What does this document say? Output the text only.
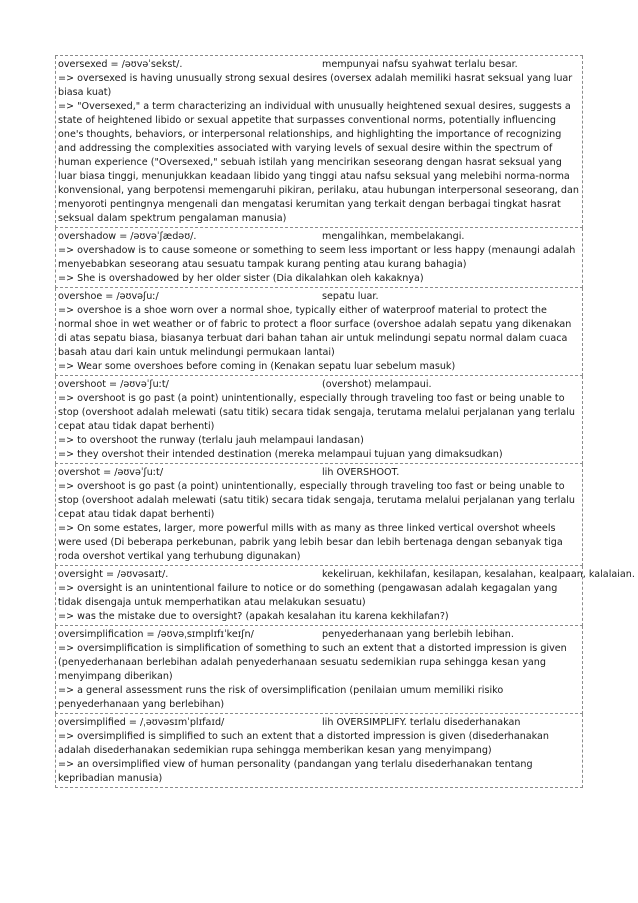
oversexed = /əʊvəˈsekst/.	mempunyai nafsu syahwat terlalu besar.

=> oversexed is having unusually strong sexual desires (oversex adalah memiliki hasrat seksual yang luar biasa kuat)

=> "Oversexed," a term characterizing an individual with unusually heightened sexual desires, suggests a state of heightened libido or sexual appetite that surpasses conventional norms, potentially influencing one's thoughts, behaviors, or interpersonal relationships, and highlighting the importance of recognizing and addressing the complexities associated with varying levels of sexual desire within the spectrum of human experience ("Oversexed," sebuah istilah yang mencirikan seseorang dengan hasrat seksual yang luar biasa tinggi, menunjukkan keadaan libido yang tinggi atau nafsu seksual yang melebihi norma-norma konvensional, yang berpotensi memengaruhi pikiran, perilaku, atau hubungan interpersonal seseorang, dan menyoroti pentingnya mengenali dan mengatasi kerumitan yang terkait dengan berbagai tingkat hasrat seksual dalam spektrum pengalaman manusia)

overshadow = /əʊvəˈʃædəʊ/.	mengalihkan, membelakangi.

=> overshadow is to cause someone or something to seem less important or less happy (menaungi adalah menyebabkan seseorang atau sesuatu tampak kurang penting atau kurang bahagia)

=> She is overshadowed by her older sister (Dia dikalahkan oleh kakaknya)

overshoe = /əʊvəʃuː/	sepatu luar.

=> overshoe is a shoe worn over a normal shoe, typically either of waterproof material to protect the normal shoe in wet weather or of fabric to protect a floor surface (overshoe adalah sepatu yang dikenakan di atas sepatu biasa, biasanya terbuat dari bahan tahan air untuk melindungi sepatu normal dalam cuaca basah atau dari kain untuk melindungi permukaan lantai)

=> Wear some overshoes before coming in (Kenakan sepatu luar sebelum masuk)

overshoot = /əʊvəˈʃuːt/	(overshot) melampaui.

=> overshoot is go past (a point) unintentionally, especially through traveling too fast or being unable to stop (overshoot adalah melewati (satu titik) secara tidak sengaja, terutama melalui perjalanan yang terlalu cepat atau tidak dapat berhenti)

=> to overshoot the runway (terlalu jauh melampaui landasan)

=> they overshot their intended destination (mereka melampaui tujuan yang dimaksudkan)

overshot = /əʊvəˈʃuːt/	lih OVERSHOOT.

=> overshoot is go past (a point) unintentionally, especially through traveling too fast or being unable to stop (overshoot adalah melewati (satu titik) secara tidak sengaja, terutama melalui perjalanan yang terlalu cepat atau tidak dapat berhenti)

=> On some estates, larger, more powerful mills with as many as three linked vertical overshot wheels were used (Di beberapa perkebunan, pabrik yang lebih besar dan lebih bertenaga dengan sebanyak tiga roda overshot vertikal yang terhubung digunakan)

oversight = /əʊvəsaɪt/.	kekeliruan, kekhilafan, kesilapan, kesalahan, kealpaan, kalalaian.

=> oversight is an unintentional failure to notice or do something (pengawasan adalah kegagalan yang tidak disengaja untuk memperhatikan atau melakukan sesuatu)

=> was the mistake due to oversight? (apakah kesalahan itu karena kekhilafan?)

oversimplification = /əʊvəˌsɪmplɪfɪˈkeɪʃn/	penyederhanaan yang berlebih lebihan.

=> oversimplification is simplification of something to such an extent that a distorted impression is given (penyederhanaan berlebihan adalah penyederhanaan sesuatu sedemikian rupa sehingga kesan yang menyimpang diberikan)

=> a general assessment runs the risk of oversimplification (penilaian umum memiliki risiko penyederhanaan yang berlebihan)

oversimplified = /ˌəʊvəsɪmˈplɪfaɪd/	lih OVERSIMPLIFY. terlalu disederhanakan

=> oversimplified is simplified to such an extent that a distorted impression is given (disederhanakan adalah disederhanakan sedemikian rupa sehingga memberikan kesan yang menyimpang)

=> an oversimplified view of human personality (pandangan yang terlalu disederhanakan tentang kepribadian manusia)
